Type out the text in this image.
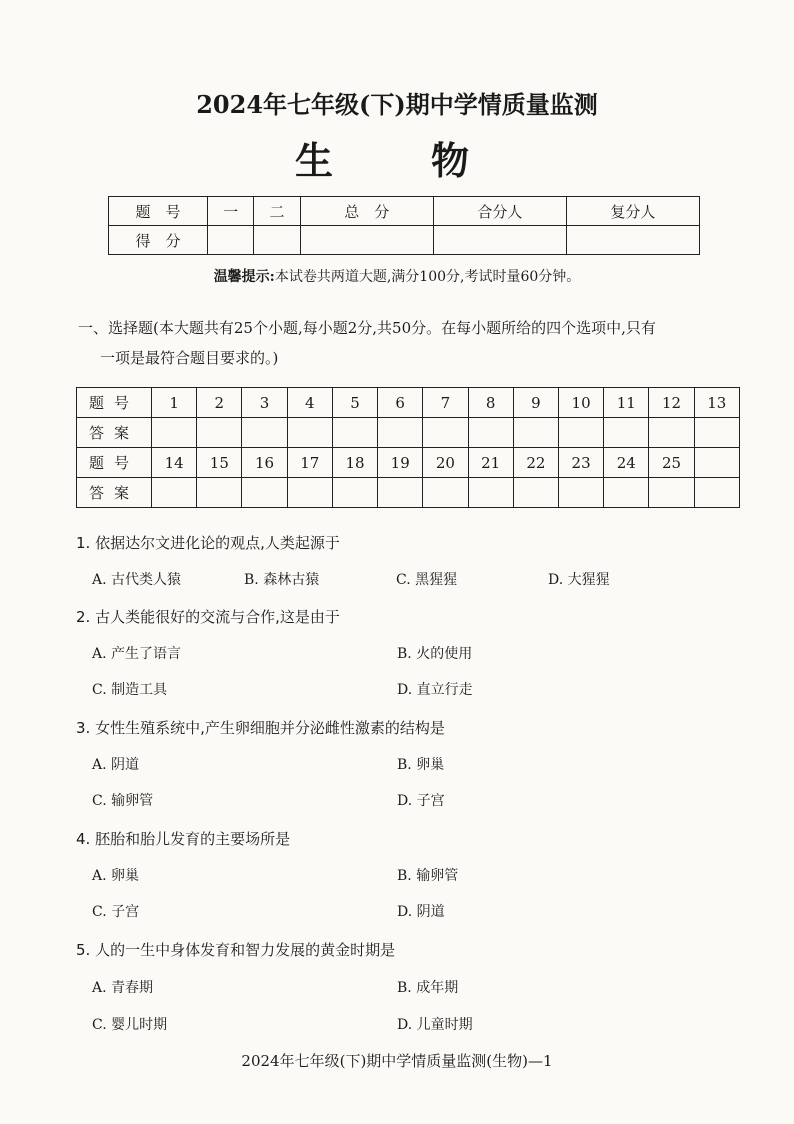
2024年七年级(下)期中学情质量监测
生　物
题　号	一	二	总　分	合分人	复分人
得　分					
温馨提示:本试卷共两道大题,满分100分,考试时量60分钟。
一、选择题(本大题共有25个小题,每小题2分,共50分。在每小题所给的四个选项中,只有
一项是最符合题目要求的。)
题号	1	2	3	4	5	6	7	8	9	10	11	12	13
答案													
题号	14	15	16	17	18	19	20	21	22	23	24	25	
答案													
1. 依据达尔文进化论的观点,人类起源于
A. 古代类人猿	B. 森林古猿	C. 黑猩猩	D. 大猩猩
2. 古人类能很好的交流与合作,这是由于
A. 产生了语言	B. 火的使用
C. 制造工具	D. 直立行走
3. 女性生殖系统中,产生卵细胞并分泌雌性激素的结构是
A. 阴道	B. 卵巢
C. 输卵管	D. 子宫
4. 胚胎和胎儿发育的主要场所是
A. 卵巢	B. 输卵管
C. 子宫	D. 阴道
5. 人的一生中身体发育和智力发展的黄金时期是
A. 青春期	B. 成年期
C. 婴儿时期	D. 儿童时期
2024年七年级(下)期中学情质量监测(生物)—1
